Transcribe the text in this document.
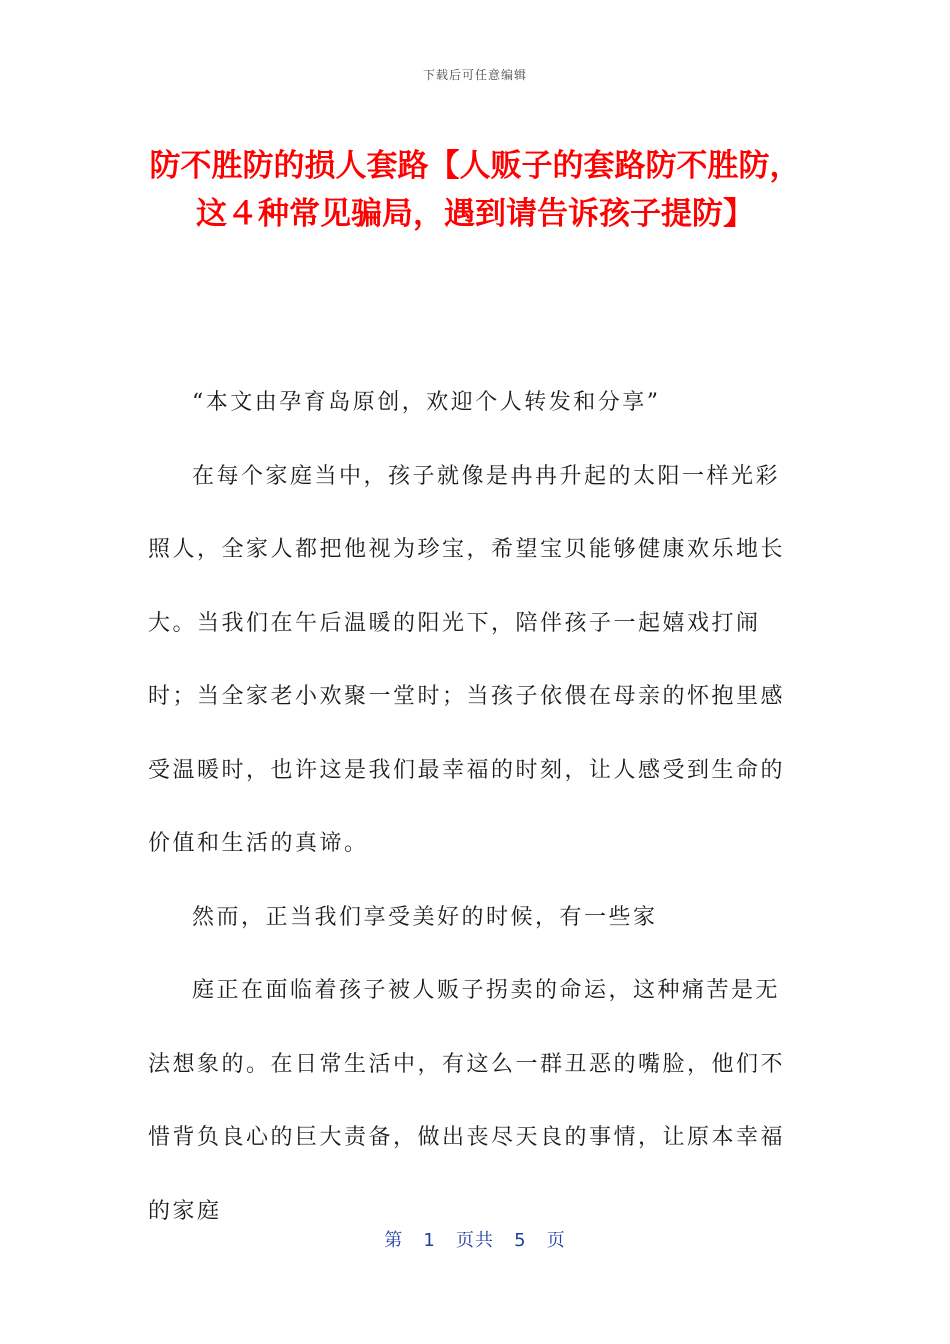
下载后可任意编辑
防不胜防的损人套路【人贩子的套路防不胜防，这４种常见骗局，遇到请告诉孩子提防】

“本文由孕育岛原创，欢迎个人转发和分享”

在每个家庭当中，孩子就像是冉冉升起的太阳一样光彩照人，全家人都把他视为珍宝，希望宝贝能够健康欢乐地长大。当我们在午后温暖的阳光下，陪伴孩子一起嬉戏打闹时；当全家老小欢聚一堂时；当孩子依偎在母亲的怀抱里感受温暖时，也许这是我们最幸福的时刻，让人感受到生命的价值和生活的真谛。

然而，正当我们享受美好的时候，有一些家

庭正在面临着孩子被人贩子拐卖的命运，这种痛苦是无法想象的。在日常生活中，有这么一群丑恶的嘴脸，他们不惜背负良心的巨大责备，做出丧尽天良的事情，让原本幸福的家庭

第 1 页共 5 页
